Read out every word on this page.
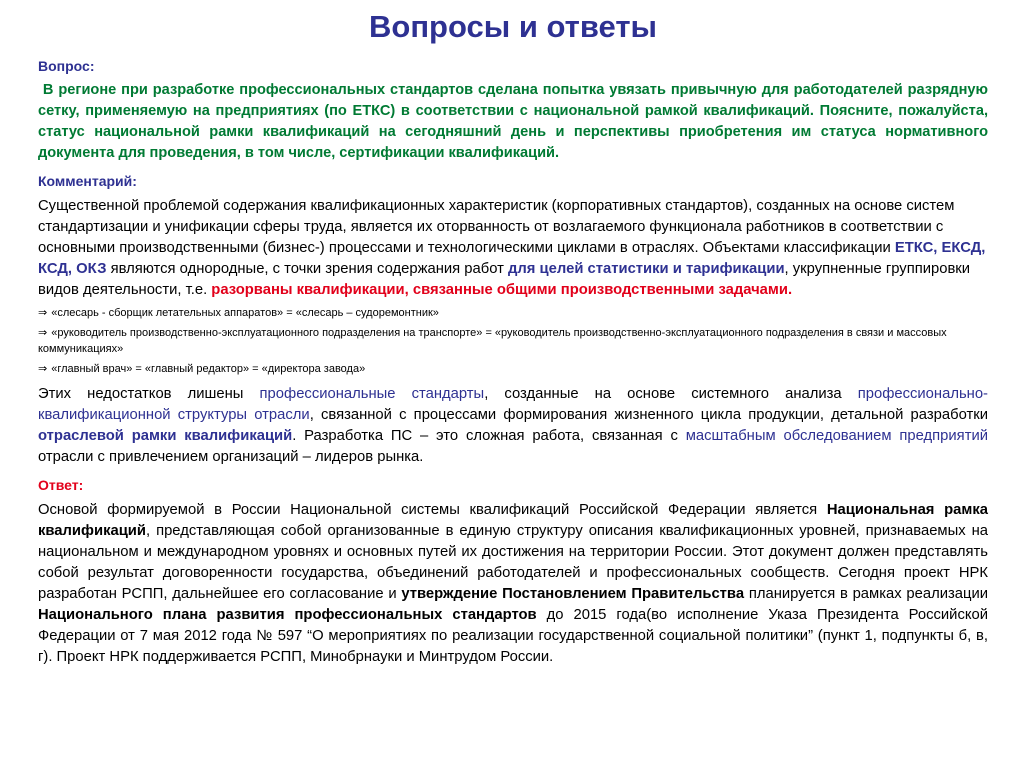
Вопросы и ответы
Вопрос:

В регионе при разработке профессиональных стандартов сделана попытка увязать привычную для работодателей разрядную сетку, применяемую на предприятиях (по ЕТКС) в соответствии с национальной рамкой квалификаций. Поясните, пожалуйста, статус национальной рамки квалификаций на сегодняшний день и перспективы приобретения им статуса нормативного документа для проведения, в том числе, сертификации квалификаций.

Комментарий:

Существенной проблемой содержания квалификационных характеристик (корпоративных стандартов), созданных на основе систем стандартизации и унификации сферы труда, является их оторванность от возлагаемого функционала работников в соответствии с основными производственными (бизнес-) процессами и технологическими циклами в отраслях. Объектами классификации ЕТКС, ЕКСД, КСД, ОКЗ являются однородные, с точки зрения содержания работ для целей статистики и тарификации, укрупненные группировки видов деятельности, т.е. разорваны квалификации, связанные общими производственными задачами.

⇒ «слесарь - сборщик летательных аппаратов» = «слесарь – судоремонтник»

⇒ «руководитель производственно-эксплуатационного подразделения на транспорте» = «руководитель производственно-эксплуатационного подразделения в связи и массовых коммуникациях»

⇒ «главный врач» = «главный редактор» = «директора завода»

Этих недостатков лишены профессиональные стандарты, созданные на основе системного анализа профессионально-квалификационной структуры отрасли, связанной с процессами формирования жизненного цикла продукции, детальной разработки отраслевой рамки квалификаций. Разработка ПС – это сложная работа, связанная с масштабным обследованием предприятий отрасли с привлечением организаций – лидеров рынка.

Ответ:

Основой формируемой в России Национальной системы квалификаций Российской Федерации является Национальная рамка квалификаций, представляющая собой организованные в единую структуру описания квалификационных уровней, признаваемых на национальном и международном уровнях и основных путей их достижения на территории России. Этот документ должен представлять собой результат договоренности государства, объединений работодателей и профессиональных сообществ. Сегодня проект НРК разработан РСПП, дальнейшее его согласование и утверждение Постановлением Правительства планируется в рамках реализации Национального плана развития профессиональных стандартов до 2015 года(во исполнение Указа Президента Российской Федерации от 7 мая 2012 года № 597 “О мероприятиях по реализации государственной социальной политики” (пункт 1, подпункты б, в, г). Проект НРК поддерживается РСПП, Минобрнауки и Минтрудом России.
